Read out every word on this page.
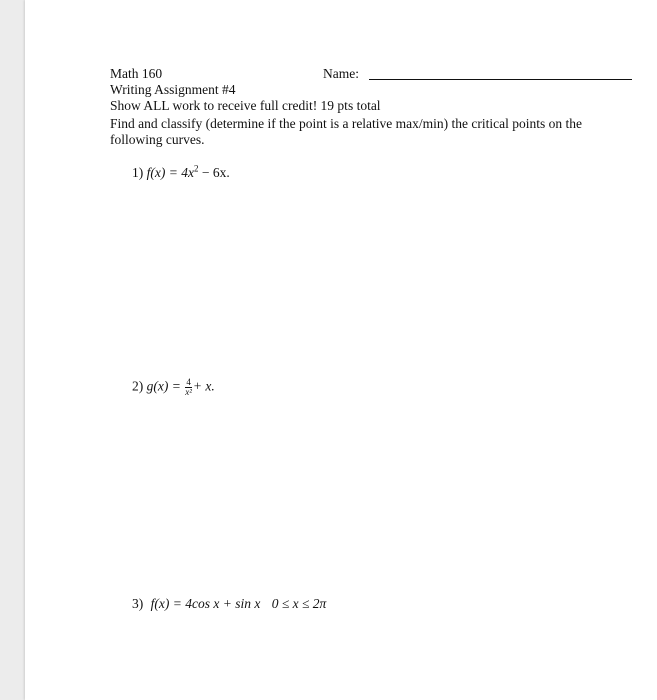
Math 160	Name:
Writing Assignment #4
Show ALL work to receive full credit! 19 pts total
Find and classify (determine if the point is a relative max/min) the critical points on the
following curves.
1) $f(x) = 4x^2 - 6x$.
2) $g(x) = \frac{4}{\text{x²}} + x$.
3) f(x) = 4cos x + sin x 0 ≤ x ≤ 2π
